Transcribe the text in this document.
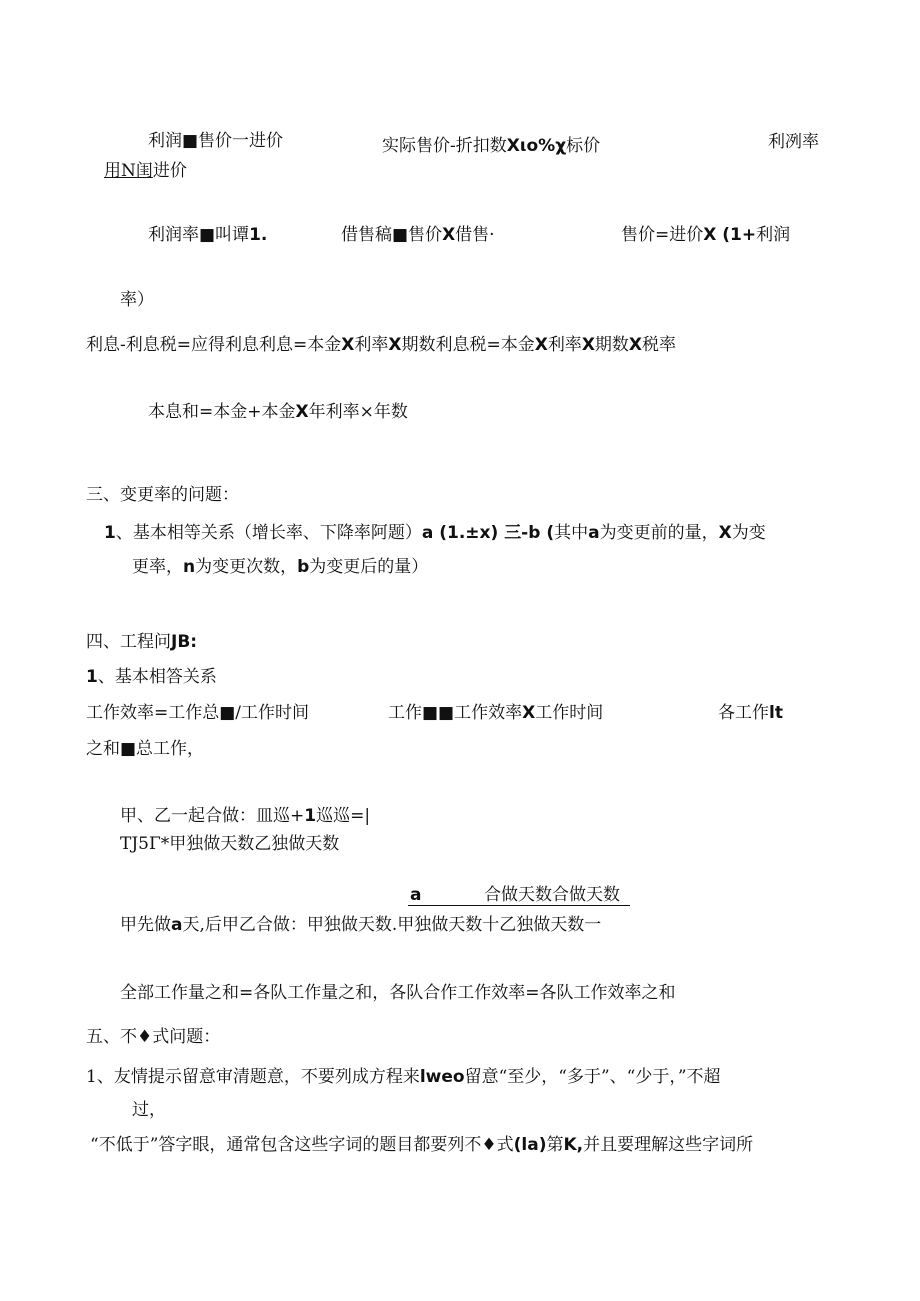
利润■售价一进价	实际售价-折扣数Xιo%χ标价	利冽率
用N闺进价
利润率■叫谭1.	借售稿■售价X借售·	售价=进价X (1+利润
率）
利息-利息税=应得利息利息=本金X利率X期数利息税=本金X利率X期数X税率
本息和=本金+本金X年利率×年数
三、变更率的问题：
1、基本相等关系（增长率、下降率阿题）a (1.±x) 三-b (其中a为变更前的量，X为变
更率，n为变更次数，b为变更后的量）
四、工程问JB:
1、基本相答关系
工作效率=工作总■/工作时间	工作■■工作效率X工作时间	各工作lt
之和■总工作，
甲、乙一起合做：皿巡+1巡巡=|
TJ5Γ*甲独做天数乙独做天数
a	合做天数合做天数
甲先做a天,后甲乙合做：甲独做天数.甲独做天数十乙独做天数一
全部工作量之和=各队工作量之和，各队合作工作效率=各队工作效率之和
五、不♦式问题：
1、友情提示留意审清题意，不要列成方程来lweo留意“至少，“多于”、“少于，”不超
过，
“不低于”答字眼，通常包含这些字词的题目都要列不♦式(la)第K,并且要理解这些字词所
